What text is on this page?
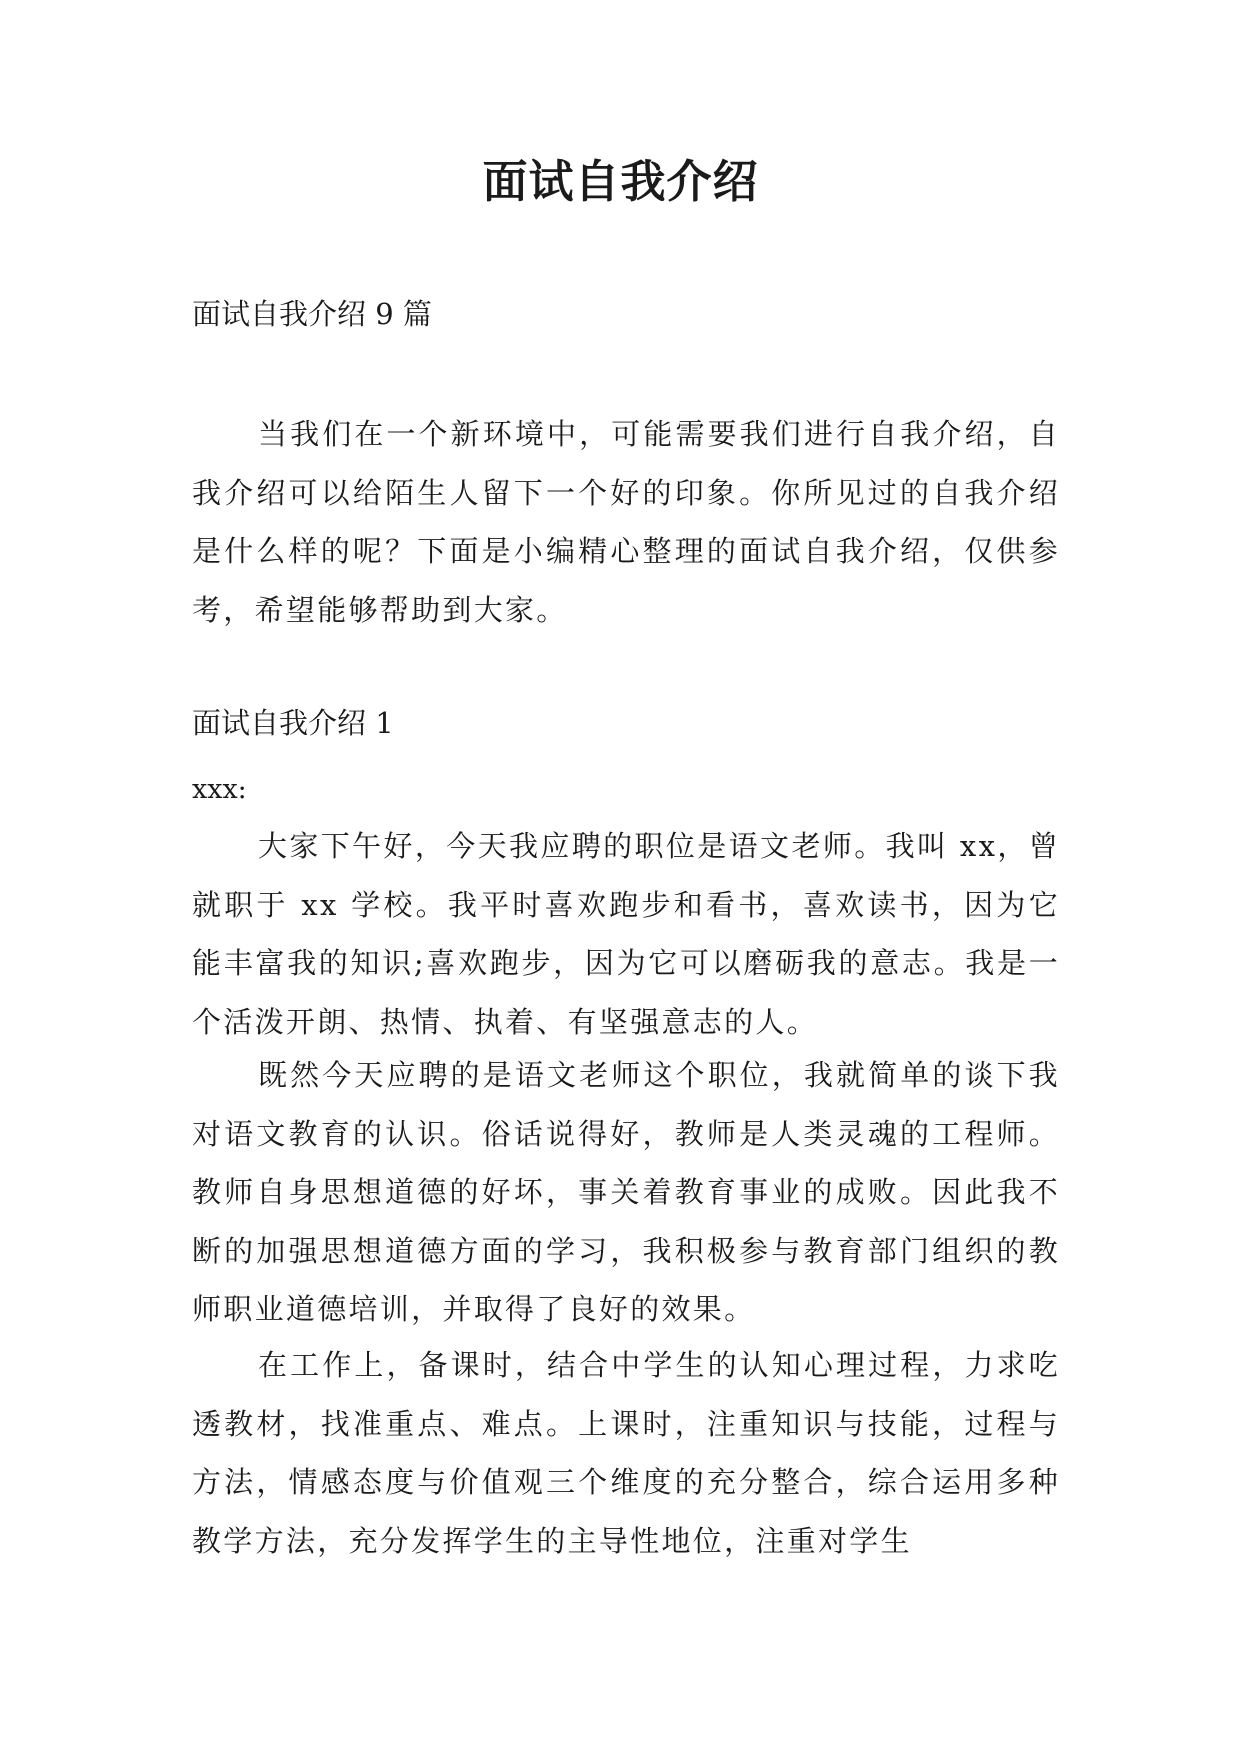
面试自我介绍

面试自我介绍 9 篇

当我们在一个新环境中，可能需要我们进行自我介绍，自我介绍可以给陌生人留下一个好的印象。你所见过的自我介绍是什么样的呢？下面是小编精心整理的面试自我介绍，仅供参考，希望能够帮助到大家。

面试自我介绍 1

xxx:

大家下午好，今天我应聘的职位是语文老师。我叫 xx，曾就职于 xx 学校。我平时喜欢跑步和看书，喜欢读书，因为它能丰富我的知识;喜欢跑步，因为它可以磨砺我的意志。我是一个活泼开朗、热情、执着、有坚强意志的人。

既然今天应聘的是语文老师这个职位，我就简单的谈下我对语文教育的认识。俗话说得好，教师是人类灵魂的工程师。教师自身思想道德的好坏，事关着教育事业的成败。因此我不断的加强思想道德方面的学习，我积极参与教育部门组织的教师职业道德培训，并取得了良好的效果。

在工作上，备课时，结合中学生的认知心理过程，力求吃透教材，找准重点、难点。上课时，注重知识与技能，过程与方法，情感态度与价值观三个维度的充分整合，综合运用多种教学方法，充分发挥学生的主导性地位，注重对学生
